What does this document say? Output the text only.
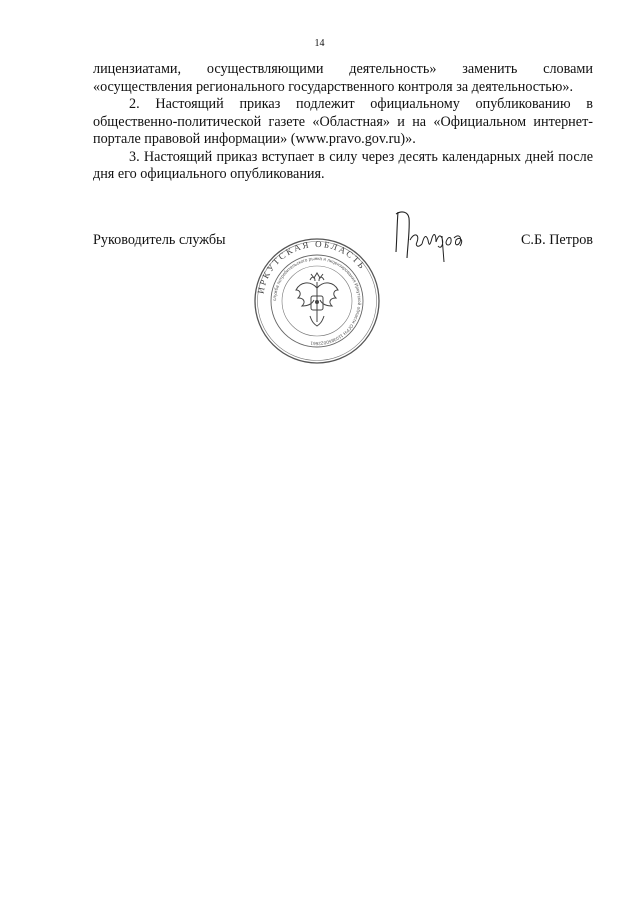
14

лицензиатами, осуществляющими деятельность» заменить словами «осуществления регионального государственного контроля за деятельностью».

2. Настоящий приказ подлежит официальному опубликованию в общественно-политической газете «Областная» и на «Официальном интернет-портале правовой информации» (www.pravo.gov.ru)».

3. Настоящий приказ вступает в силу через десять календарных дней после дня его официального опубликования.

Руководитель службы	С.Б. Петров
ИРКУТСКАЯ ОБЛАСТЬ
служба потребительского рынка и лицензирования Иркутской области ОГРН 1103850022661
